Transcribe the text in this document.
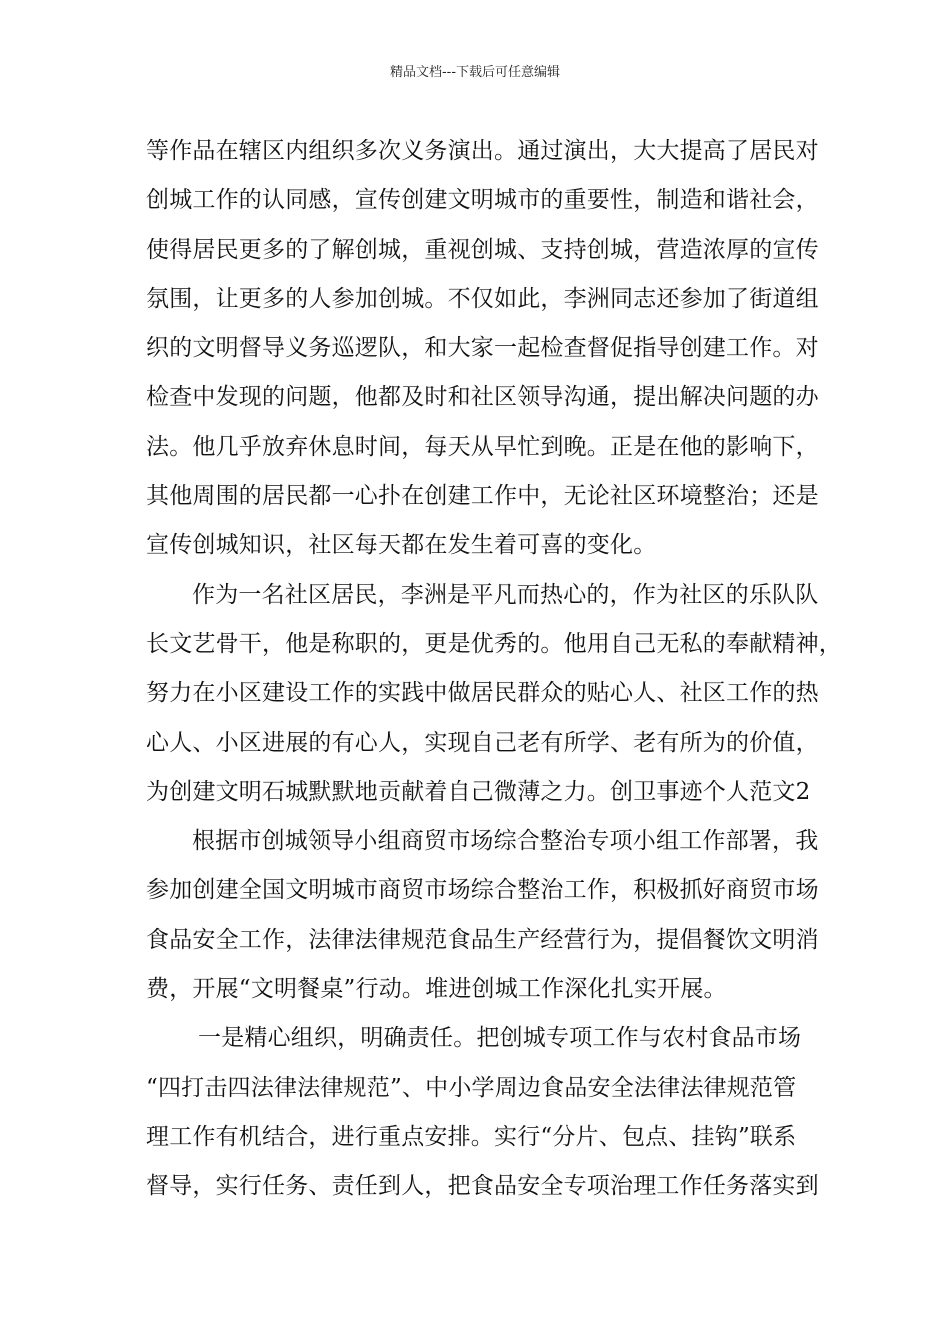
精品文档---下载后可任意编辑
等作品在辖区内组织多次义务演出。通过演出，大大提高了居民对
创城工作的认同感，宣传创建文明城市的重要性，制造和谐社会，
使得居民更多的了解创城，重视创城、支持创城，营造浓厚的宣传
氛围，让更多的人参加创城。不仅如此，李洲同志还参加了街道组
织的文明督导义务巡逻队，和大家一起检查督促指导创建工作。对
检查中发现的问题，他都及时和社区领导沟通，提出解决问题的办
法。他几乎放弃休息时间，每天从早忙到晚。正是在他的影响下，
其他周围的居民都一心扑在创建工作中，无论社区环境整治；还是
宣传创城知识，社区每天都在发生着可喜的变化。
作为一名社区居民，李洲是平凡而热心的，作为社区的乐队队
长文艺骨干，他是称职的，更是优秀的。他用自己无私的奉献精神，
努力在小区建设工作的实践中做居民群众的贴心人、社区工作的热
心人、小区进展的有心人，实现自己老有所学、老有所为的价值，
为创建文明石城默默地贡献着自己微薄之力。创卫事迹个人范文2
根据市创城领导小组商贸市场综合整治专项小组工作部署，我
参加创建全国文明城市商贸市场综合整治工作，积极抓好商贸市场
食品安全工作，法律法律规范食品生产经营行为，提倡餐饮文明消
费，开展“文明餐桌”行动。堆进创城工作深化扎实开展。
一是精心组织，明确责任。把创城专项工作与农村食品市场
“四打击四法律法律规范”、中小学周边食品安全法律法律规范管
理工作有机结合，进行重点安排。实行“分片、包点、挂钩”联系
督导，实行任务、责任到人，把食品安全专项治理工作任务落实到
